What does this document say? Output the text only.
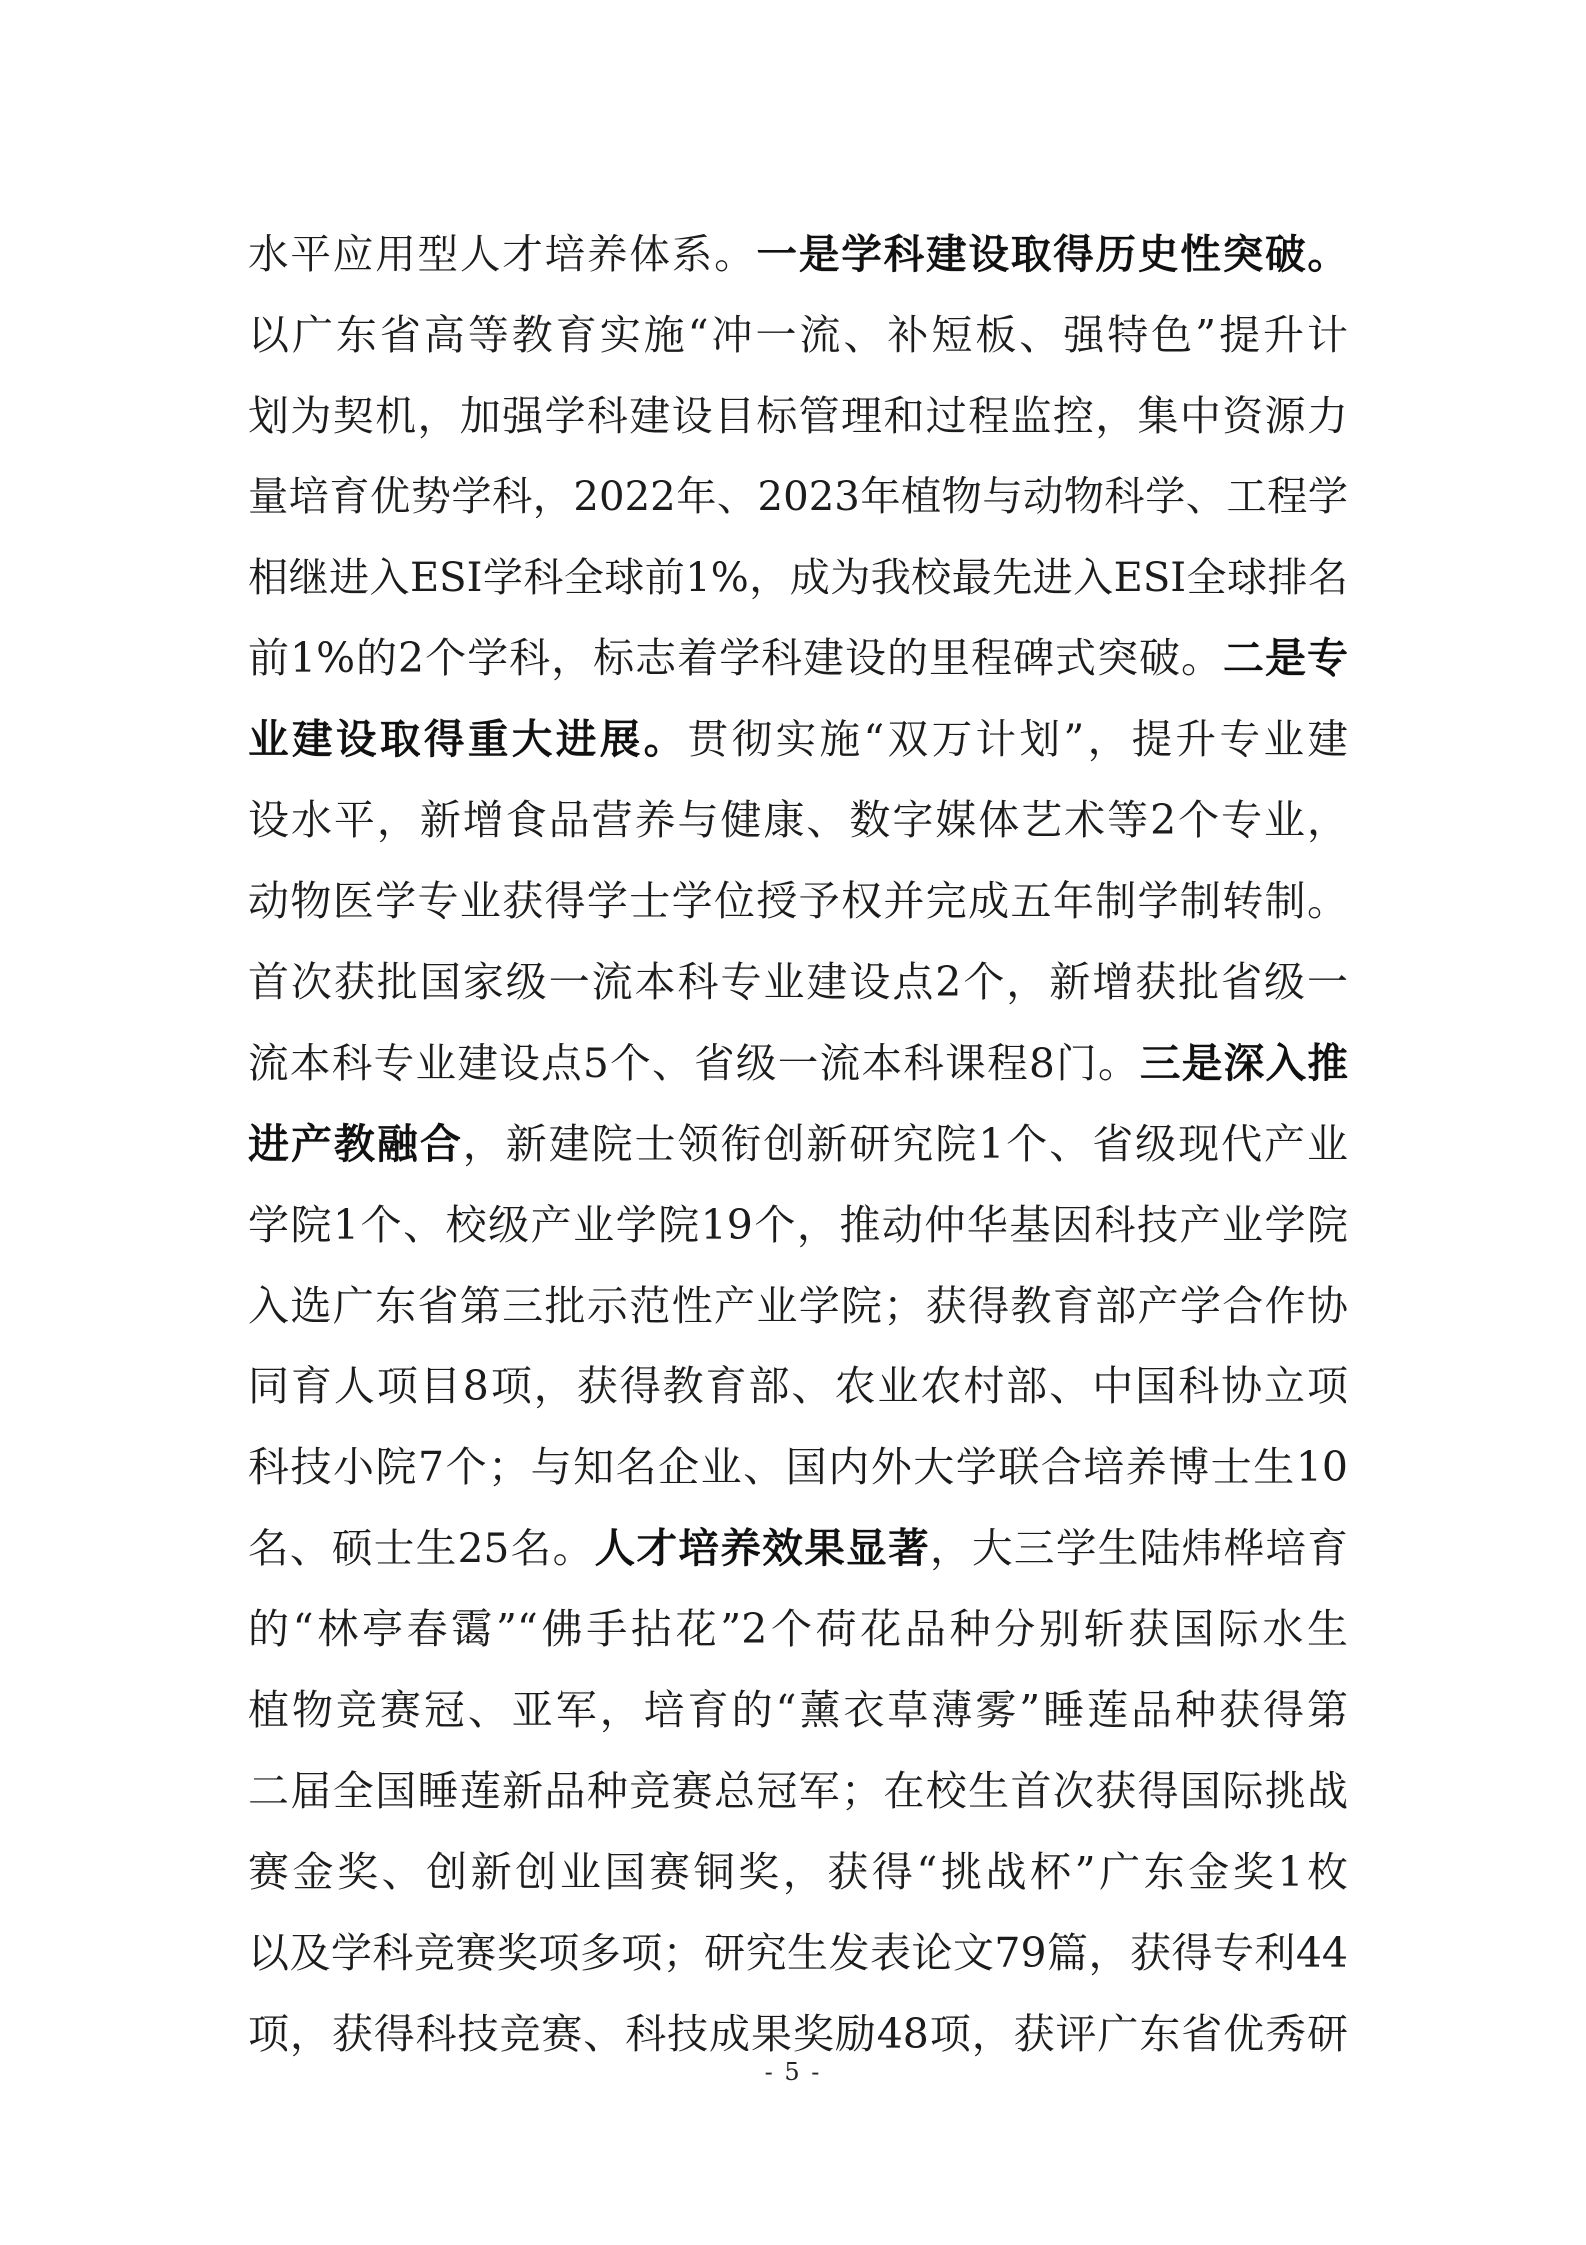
水平应用型人才培养体系。一是学科建设取得历史性突破。
以广东省高等教育实施“冲一流、补短板、强特色”提升计
划为契机，加强学科建设目标管理和过程监控，集中资源力
量培育优势学科，2022年、2023年植物与动物科学、工程学
相继进入ESI学科全球前1%，成为我校最先进入ESI全球排名
前1%的2个学科，标志着学科建设的里程碑式突破。二是专
业建设取得重大进展。贯彻实施“双万计划”，提升专业建
设水平，新增食品营养与健康、数字媒体艺术等2个专业，
动物医学专业获得学士学位授予权并完成五年制学制转制。
首次获批国家级一流本科专业建设点2个，新增获批省级一
流本科专业建设点5个、省级一流本科课程8门。三是深入推
进产教融合，新建院士领衔创新研究院1个、省级现代产业
学院1个、校级产业学院19个，推动仲华基因科技产业学院
入选广东省第三批示范性产业学院；获得教育部产学合作协
同育人项目8项，获得教育部、农业农村部、中国科协立项
科技小院7个；与知名企业、国内外大学联合培养博士生10
名、硕士生25名。人才培养效果显著，大三学生陆炜桦培育
的“林亭春霭”“佛手拈花”2个荷花品种分别斩获国际水生
植物竞赛冠、亚军，培育的“薰衣草薄雾”睡莲品种获得第
二届全国睡莲新品种竞赛总冠军；在校生首次获得国际挑战
赛金奖、创新创业国赛铜奖，获得“挑战杯”广东金奖1枚
以及学科竞赛奖项多项；研究生发表论文79篇，获得专利44
项，获得科技竞赛、科技成果奖励48项，获评广东省优秀研
- 5 -
